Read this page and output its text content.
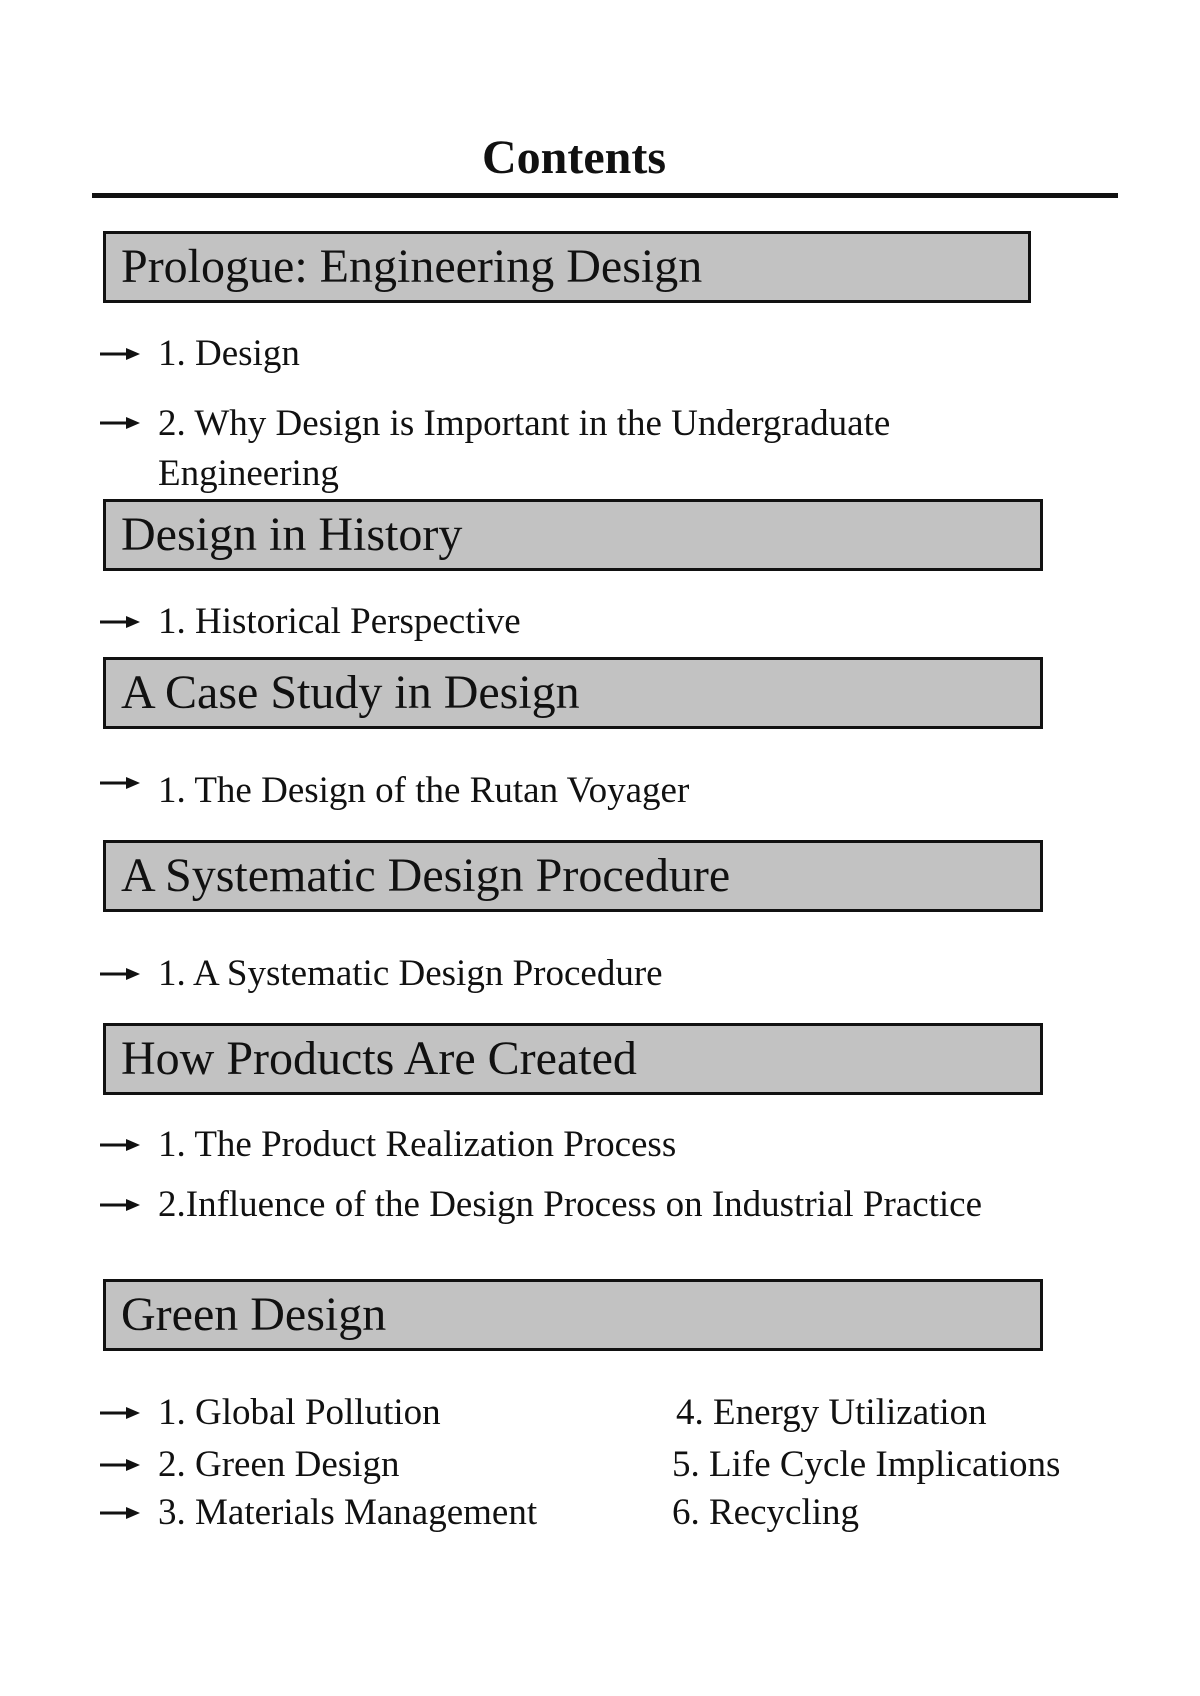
Contents
Prologue: Engineering Design
1. Design
2. Why Design is Important in the Undergraduate Engineering
Design in History
1. Historical Perspective
A Case Study in Design
1. The Design of the Rutan Voyager
A Systematic Design Procedure
1. A Systematic Design Procedure
How Products Are Created
1. The Product Realization Process
2.Influence of the Design Process on Industrial Practice
Green Design
1. Global Pollution
2. Green Design
3. Materials Management
4. Energy Utilization
5. Life Cycle Implications
6. Recycling
